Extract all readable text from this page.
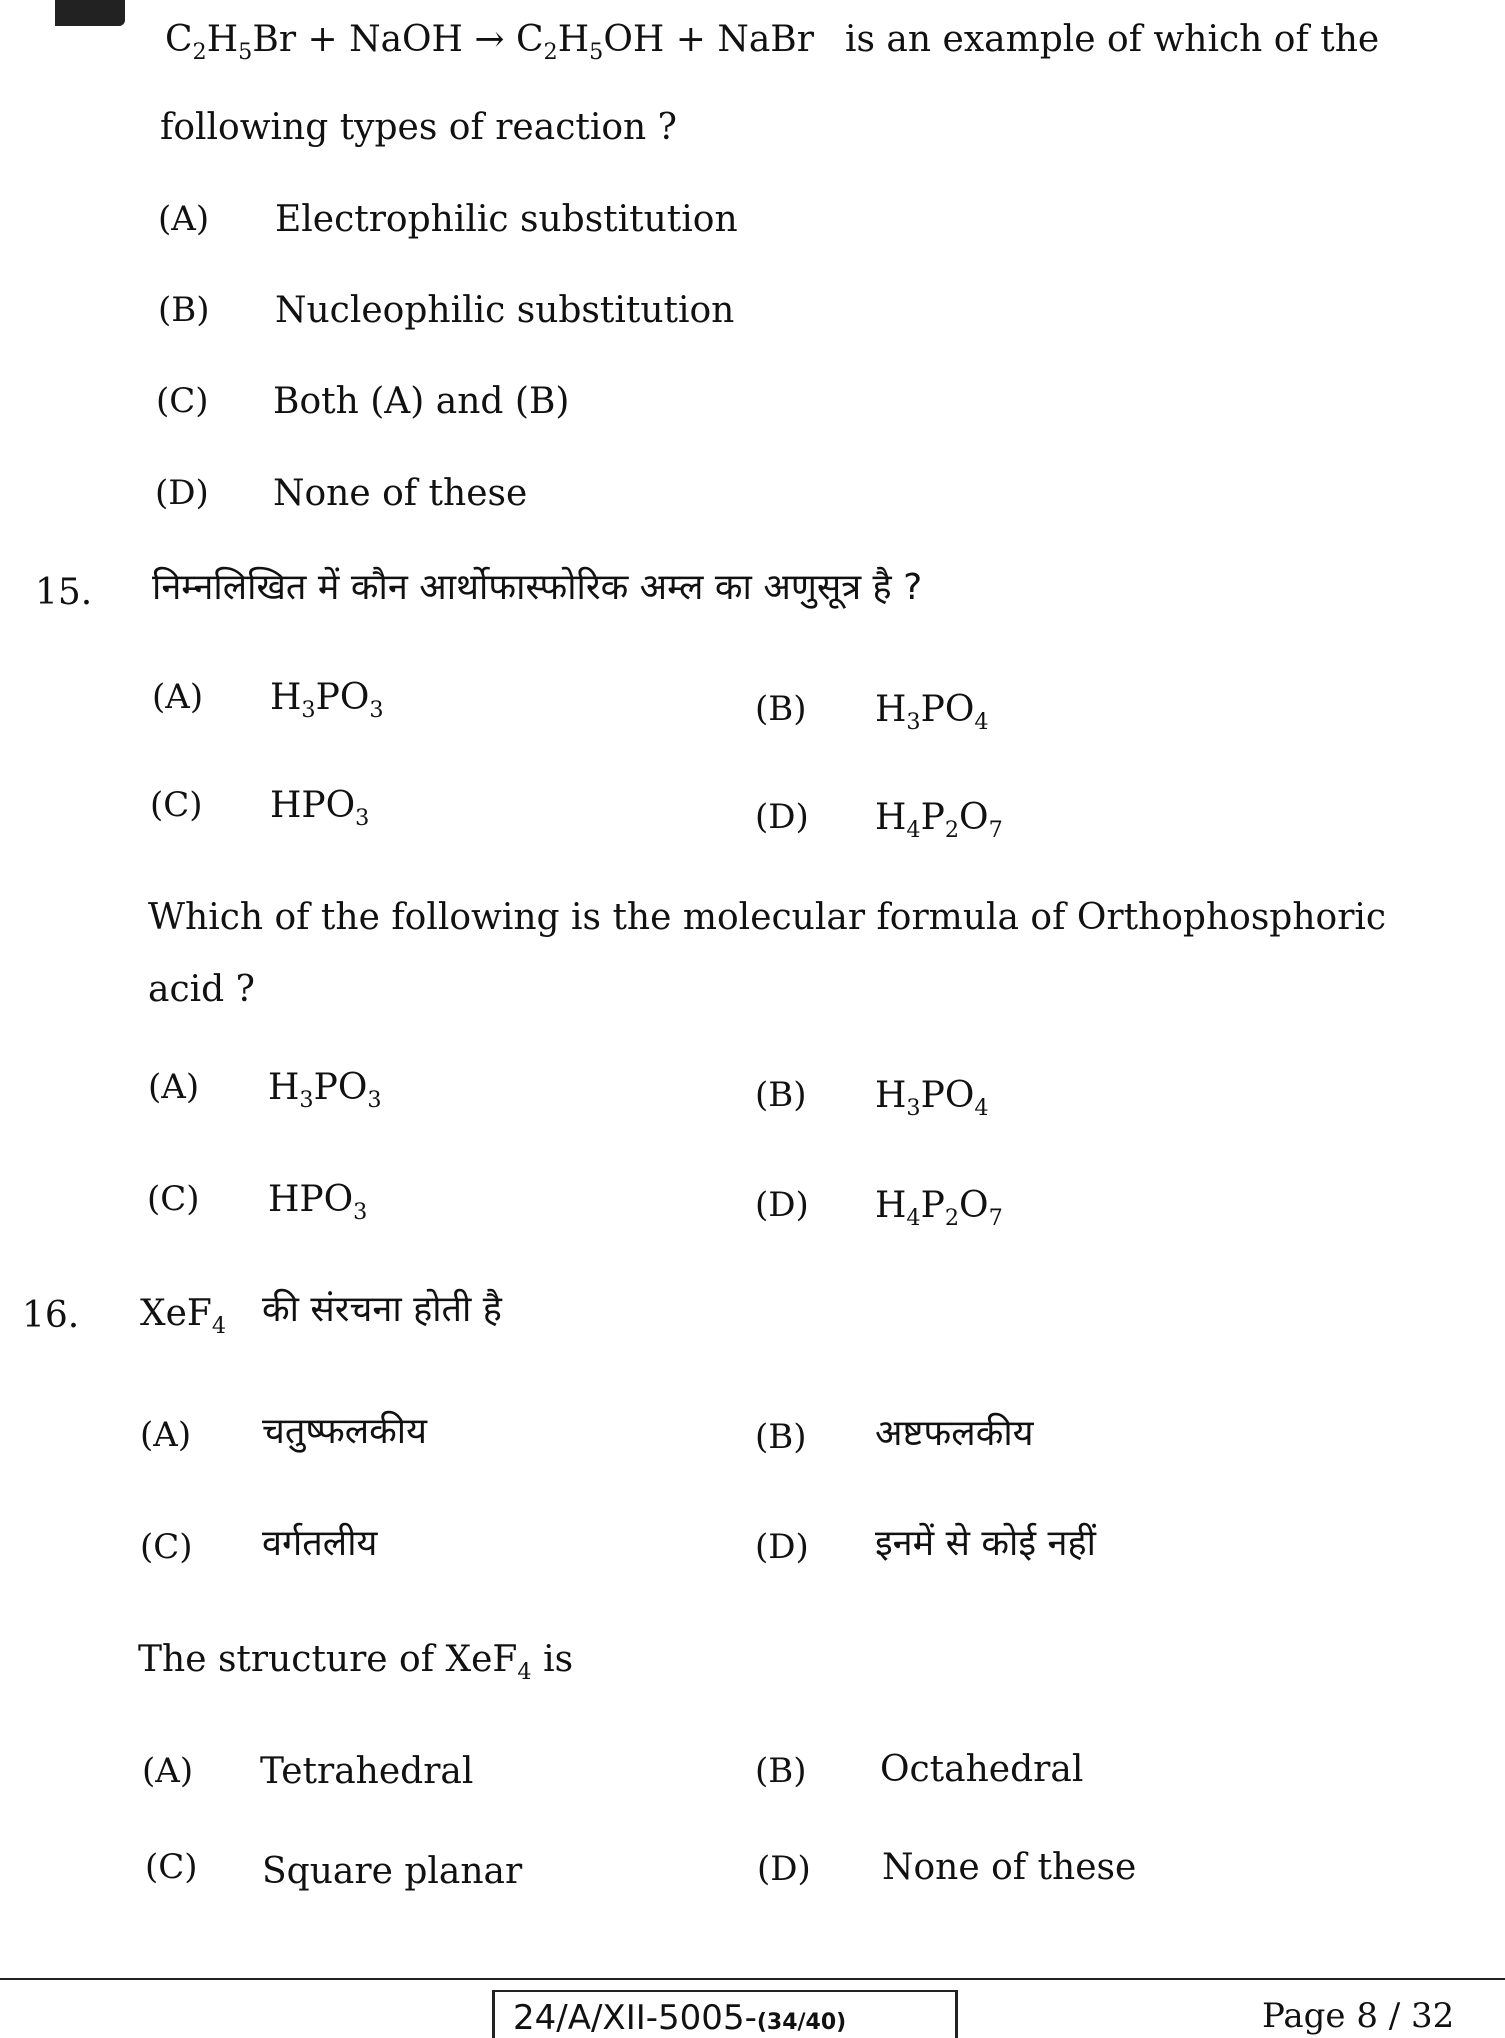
$C_2H_5Br$ + NaOH → $C_2H_5OH$ + NaBr is an example of which of the
following types of reaction ?
(A) Electrophilic substitution
(B) Nucleophilic substitution
(C) Both (A) and (B)
(D) None of these
15. निम्नलिखित में कौन आर्थोफास्फोरिक अम्ल का अणुसूत्र है ?
(A) $H_3PO_3$	(B) $H_3PO_4$
(C) $HPO_3$	(D) $H_4P_2O_7$
Which of the following is the molecular formula of Orthophosphoric
acid ?
(A) $H_3PO_3$	(B) $H_3PO_4$
(C) $HPO_3$	(D) $H_4P_2O_7$
16. XeF$_4$ की संरचना होती है
(A) चतुष्फलकीय	(B) अष्टफलकीय
(C) वर्गतलीय	(D) इनमें से कोई नहीं
The structure of XeF$_4$ is
(A) Tetrahedral	(B) Octahedral
(C) Square planar	(D) None of these
24/A/XII-5005-(34/40)	Page 8 / 32
